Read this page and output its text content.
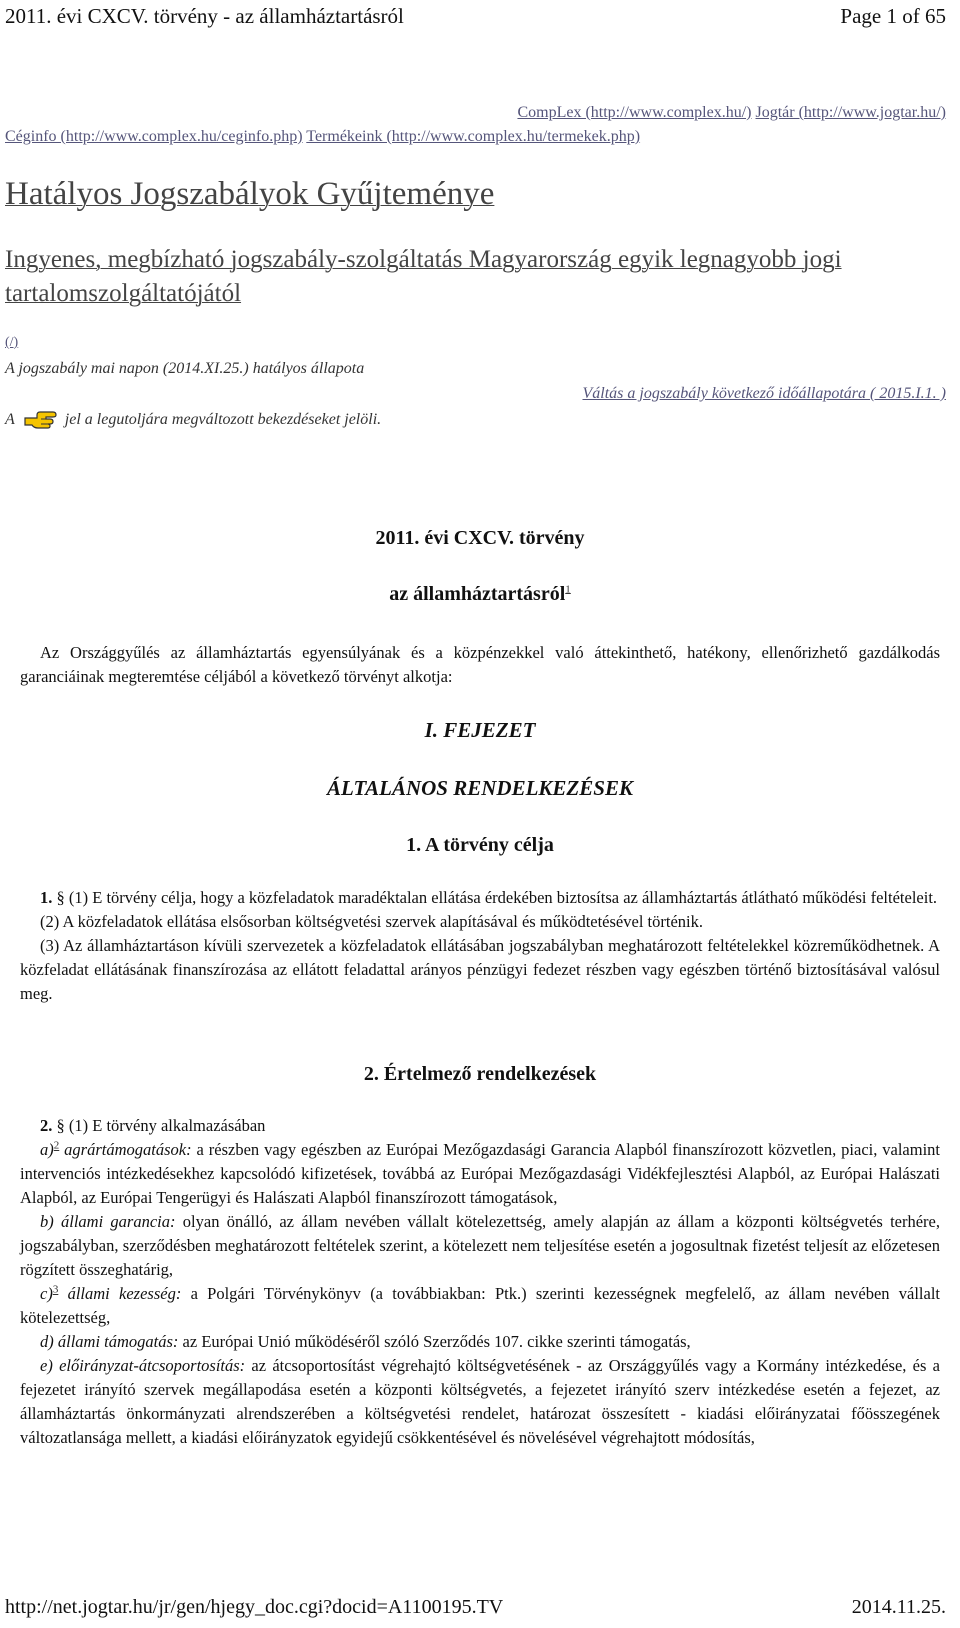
2011. évi CXCV. törvény - az államháztartásról	Page 1 of 65
CompLex (http://www.complex.hu/) Jogtár (http://www.jogtar.hu/)
Céginfo (http://www.complex.hu/ceginfo.php) Termékeink (http://www.complex.hu/termekek.php)
Hatályos Jogszabályok Gyűjteménye
Ingyenes, megbízható jogszabály-szolgáltatás Magyarország egyik legnagyobb jogi tartalomszolgáltatójától
(/)
A jogszabály mai napon (2014.XI.25.) hatályos állapota
Váltás a jogszabály következő időállapotára ( 2015.I.1. )
A	jel a legutoljára megváltozott bekezdéseket jelöli.
2011. évi CXCV. törvény
az államháztartásról$^1$

Az Országgyűlés az államháztartás egyensúlyának és a közpénzekkel való áttekinthető, hatékony, ellenőrizhető gazdálkodás garanciáinak megteremtése céljából a következő törvényt alkotja:

I. FEJEZET
ÁLTALÁNOS RENDELKEZÉSEK
1. A törvény célja

1. § (1) E törvény célja, hogy a közfeladatok maradéktalan ellátása érdekében biztosítsa az államháztartás átlátható működési feltételeit.

(2) A közfeladatok ellátása elsősorban költségvetési szervek alapításával és működtetésével történik.

(3) Az államháztartáson kívüli szervezetek a közfeladatok ellátásában jogszabályban meghatározott feltételekkel közreműködhetnek. A közfeladat ellátásának finanszírozása az ellátott feladattal arányos pénzügyi fedezet részben vagy egészben történő biztosításával valósul meg.

2. Értelmező rendelkezések

2. § (1) E törvény alkalmazásában

a)$^2$ agrártámogatások: a részben vagy egészben az Európai Mezőgazdasági Garancia Alapból finanszírozott közvetlen, piaci, valamint intervenciós intézkedésekhez kapcsolódó kifizetések, továbbá az Európai Mezőgazdasági Vidékfejlesztési Alapból, az Európai Halászati Alapból, az Európai Tengerügyi és Halászati Alapból finanszírozott támogatások,

b) állami garancia: olyan önálló, az állam nevében vállalt kötelezettség, amely alapján az állam a központi költségvetés terhére, jogszabályban, szerződésben meghatározott feltételek szerint, a kötelezett nem teljesítése esetén a jogosultnak fizetést teljesít az előzetesen rögzített összeghatárig,

c)$^3$ állami kezesség: a Polgári Törvénykönyv (a továbbiakban: Ptk.) szerinti kezességnek megfelelő, az állam nevében vállalt kötelezettség,

d) állami támogatás: az Európai Unió működéséről szóló Szerződés 107. cikke szerinti támogatás,

e) előirányzat-átcsoportosítás: az átcsoportosítást végrehajtó költségvetésének - az Országgyűlés vagy a Kormány intézkedése, és a fejezetet irányító szervek megállapodása esetén a központi költségvetés, a fejezetet irányító szerv intézkedése esetén a fejezet, az államháztartás önkormányzati alrendszerében a költségvetési rendelet, határozat összesített - kiadási előirányzatai főösszegének változatlansága mellett, a kiadási előirányzatok egyidejű csökkentésével és növelésével végrehajtott módosítás,

http://net.jogtar.hu/jr/gen/hjegy_doc.cgi?docid=A1100195.TV	2014.11.25.
